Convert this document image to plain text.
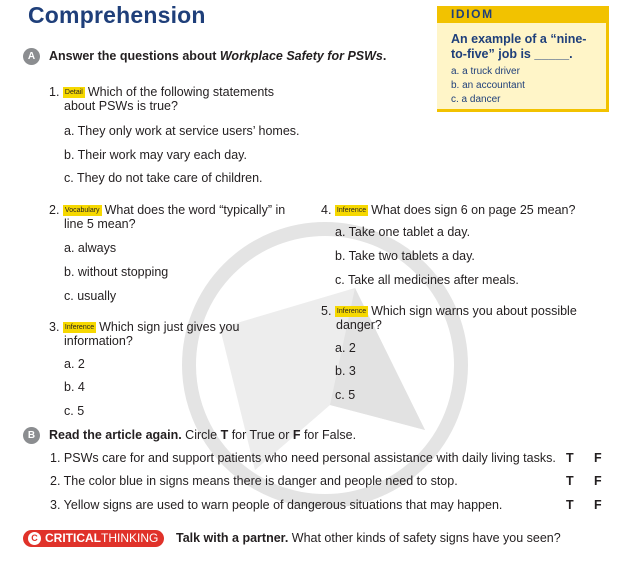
Comprehension	IDIOM
An example of a “nine-to-five” job is _____.
a. a truck driver
b. an accountant
c. a dancer
A	Answer the questions about Workplace Safety for PSWs.
1. Detail Which of the following statements
about PSWs is true?
a. They only work at service users’ homes.
b. Their work may vary each day.
c. They do not take care of children.
2. Vocabulary What does the word “typically” in
line 5 mean?
a. always
b. without stopping
c. usually
3. Inference Which sign just gives you
information?
a. 2
b. 4
c. 5
4. Inference What does sign 6 on page 25 mean?
a. Take one tablet a day.
b. Take two tablets a day.
c. Take all medicines after meals.
5. Inference Which sign warns you about possible
danger?
a. 2
b. 3
c. 5
B	Read the article again. Circle T for True or F for False.
1. PSWs care for and support patients who need personal assistance with daily living tasks. T F
2. The color blue in signs means there is danger and people need to stop.	T F
3. Yellow signs are used to warn people of dangerous situations that may happen.	T F
C CRITICAL THINKING Talk with a partner. What other kinds of safety signs have you seen?
